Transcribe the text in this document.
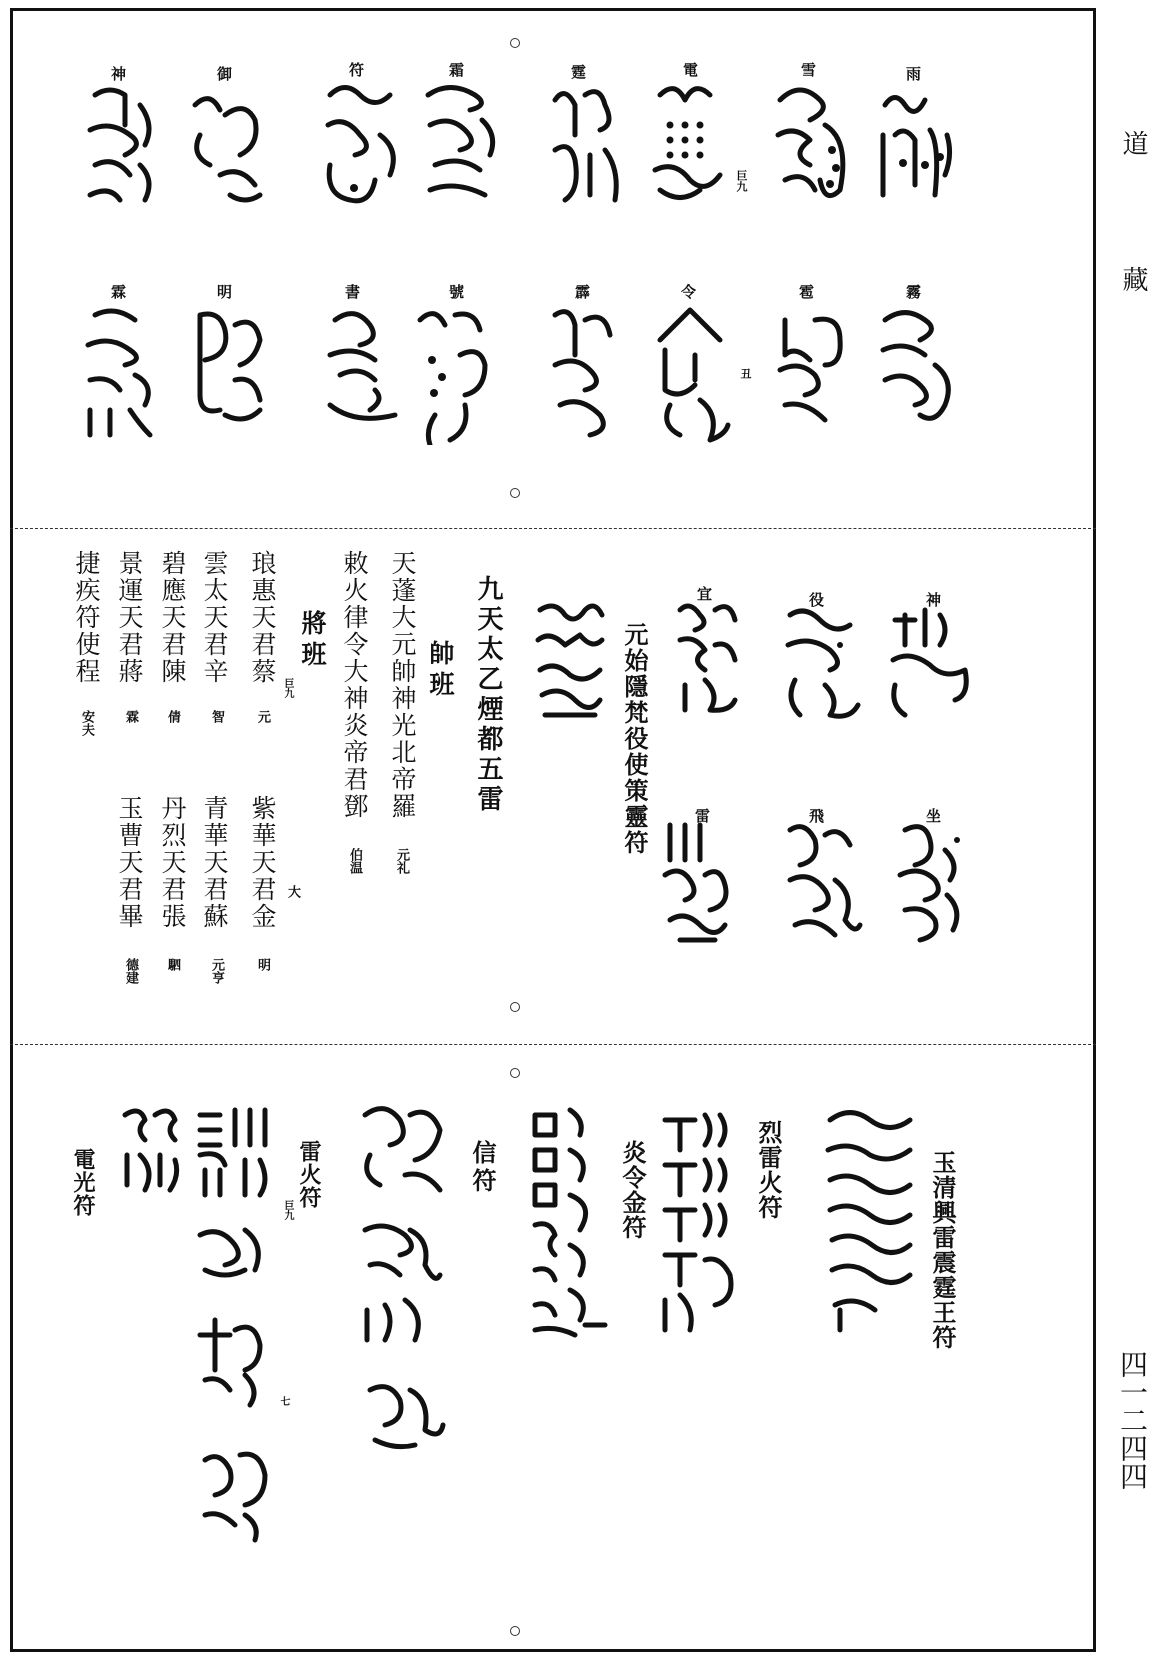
道藏
四一二四四
雨
雪
電
霆
霜
符
御
神
巨九
霧
雹
令
霹
號
書
明
霖
丑
神
役
宜
坐
飛
雷
元始隱梵役使策靈符
九天太乙煙都五雷
帥班
天蓬大元帥神光北帝羅
元礼
敕火律令大神炎帝君鄧
伯温
將班
巨九
琅惠天君蔡
元
雲太天君辛
智
碧應天君陳
倩
景運天君蔣
霖
捷疾符使程
安夫
紫華天君金 大
明
青華天君蘇
元亨
丹烈天君張
駟
玉曹天君畢
德建
玉清興雷震霆王符
烈雷火符
炎令金符
信符
雷火符
巨九
七
電光符
